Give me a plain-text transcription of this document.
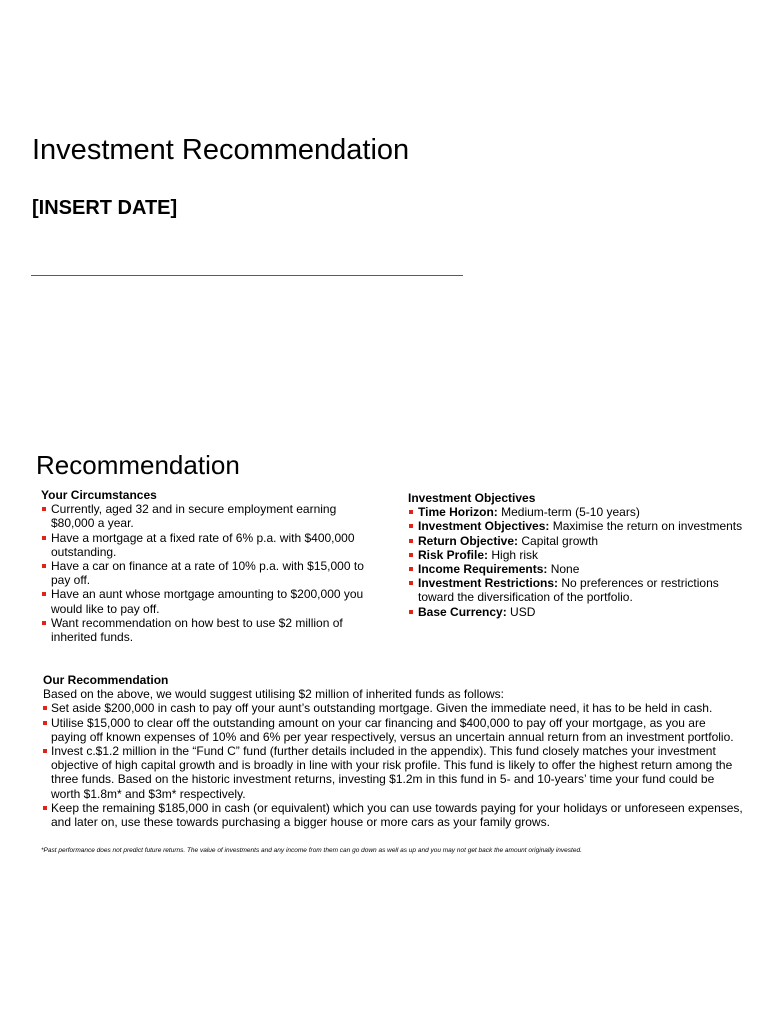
Investment Recommendation
[INSERT DATE]
Recommendation
Your Circumstances
Currently, aged 32 and in secure employment earning $80,000 a year.
Have a mortgage at a fixed rate of 6% p.a. with $400,000 outstanding.
Have a car on finance at a rate of 10% p.a. with $15,000 to pay off.
Have an aunt whose mortgage amounting to $200,000 you would like to pay off.
Want recommendation on how best to use $2 million of inherited funds.
Investment Objectives
Time Horizon: Medium-term (5-10 years)
Investment Objectives: Maximise the return on investments
Return Objective: Capital growth
Risk Profile: High risk
Income Requirements: None
Investment Restrictions: No preferences or restrictions toward the diversification of the portfolio.
Base Currency: USD
Our Recommendation
Based on the above, we would suggest utilising $2 million of inherited funds as follows:
Set aside $200,000 in cash to pay off your aunt’s outstanding mortgage. Given the immediate need, it has to be held in cash.
Utilise $15,000 to clear off the outstanding amount on your car financing and $400,000 to pay off your mortgage, as you are paying off known expenses of 10% and 6% per year respectively, versus an uncertain annual return from an investment portfolio.
Invest c.$1.2 million in the “Fund C” fund (further details included in the appendix). This fund closely matches your investment objective of high capital growth and is broadly in line with your risk profile. This fund is likely to offer the highest return among the three funds. Based on the historic investment returns, investing $1.2m in this fund in 5- and 10-years’ time your fund could be worth $1.8m* and $3m* respectively.
Keep the remaining $185,000 in cash (or equivalent) which you can use towards paying for your holidays or unforeseen expenses, and later on, use these towards purchasing a bigger house or more cars as your family grows.
*Past performance does not predict future returns. The value of investments and any income from them can go down as well as up and you may not get back the amount originally invested.
